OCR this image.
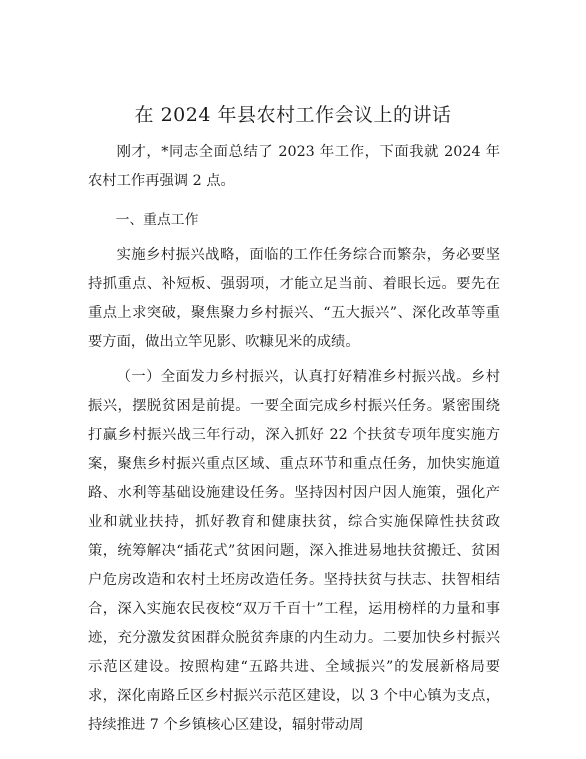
在 2024 年县农村工作会议上的讲话

刚才，*同志全面总结了 2023 年工作，下面我就 2024 年农村工作再强调 2 点。

一、重点工作

实施乡村振兴战略，面临的工作任务综合而繁杂，务必要坚持抓重点、补短板、强弱项，才能立足当前、着眼长远。要先在重点上求突破，聚焦聚力乡村振兴、“五大振兴”、深化改革等重要方面，做出立竿见影、吹糠见米的成绩。

（一）全面发力乡村振兴，认真打好精准乡村振兴战。乡村振兴，摆脱贫困是前提。一要全面完成乡村振兴任务。紧密围绕打赢乡村振兴战三年行动，深入抓好 22 个扶贫专项年度实施方案，聚焦乡村振兴重点区域、重点环节和重点任务，加快实施道路、水利等基础设施建设任务。坚持因村因户因人施策，强化产业和就业扶持，抓好教育和健康扶贫，综合实施保障性扶贫政策，统筹解决“插花式”贫困问题，深入推进易地扶贫搬迁、贫困户危房改造和农村土坯房改造任务。坚持扶贫与扶志、扶智相结合，深入实施农民夜校“双万千百十”工程，运用榜样的力量和事迹，充分激发贫困群众脱贫奔康的内生动力。二要加快乡村振兴示范区建设。按照构建“五路共进、全域振兴”的发展新格局要求，深化南路丘区乡村振兴示范区建设，以 3 个中心镇为支点，持续推进 7 个乡镇核心区建设，辐射带动周
